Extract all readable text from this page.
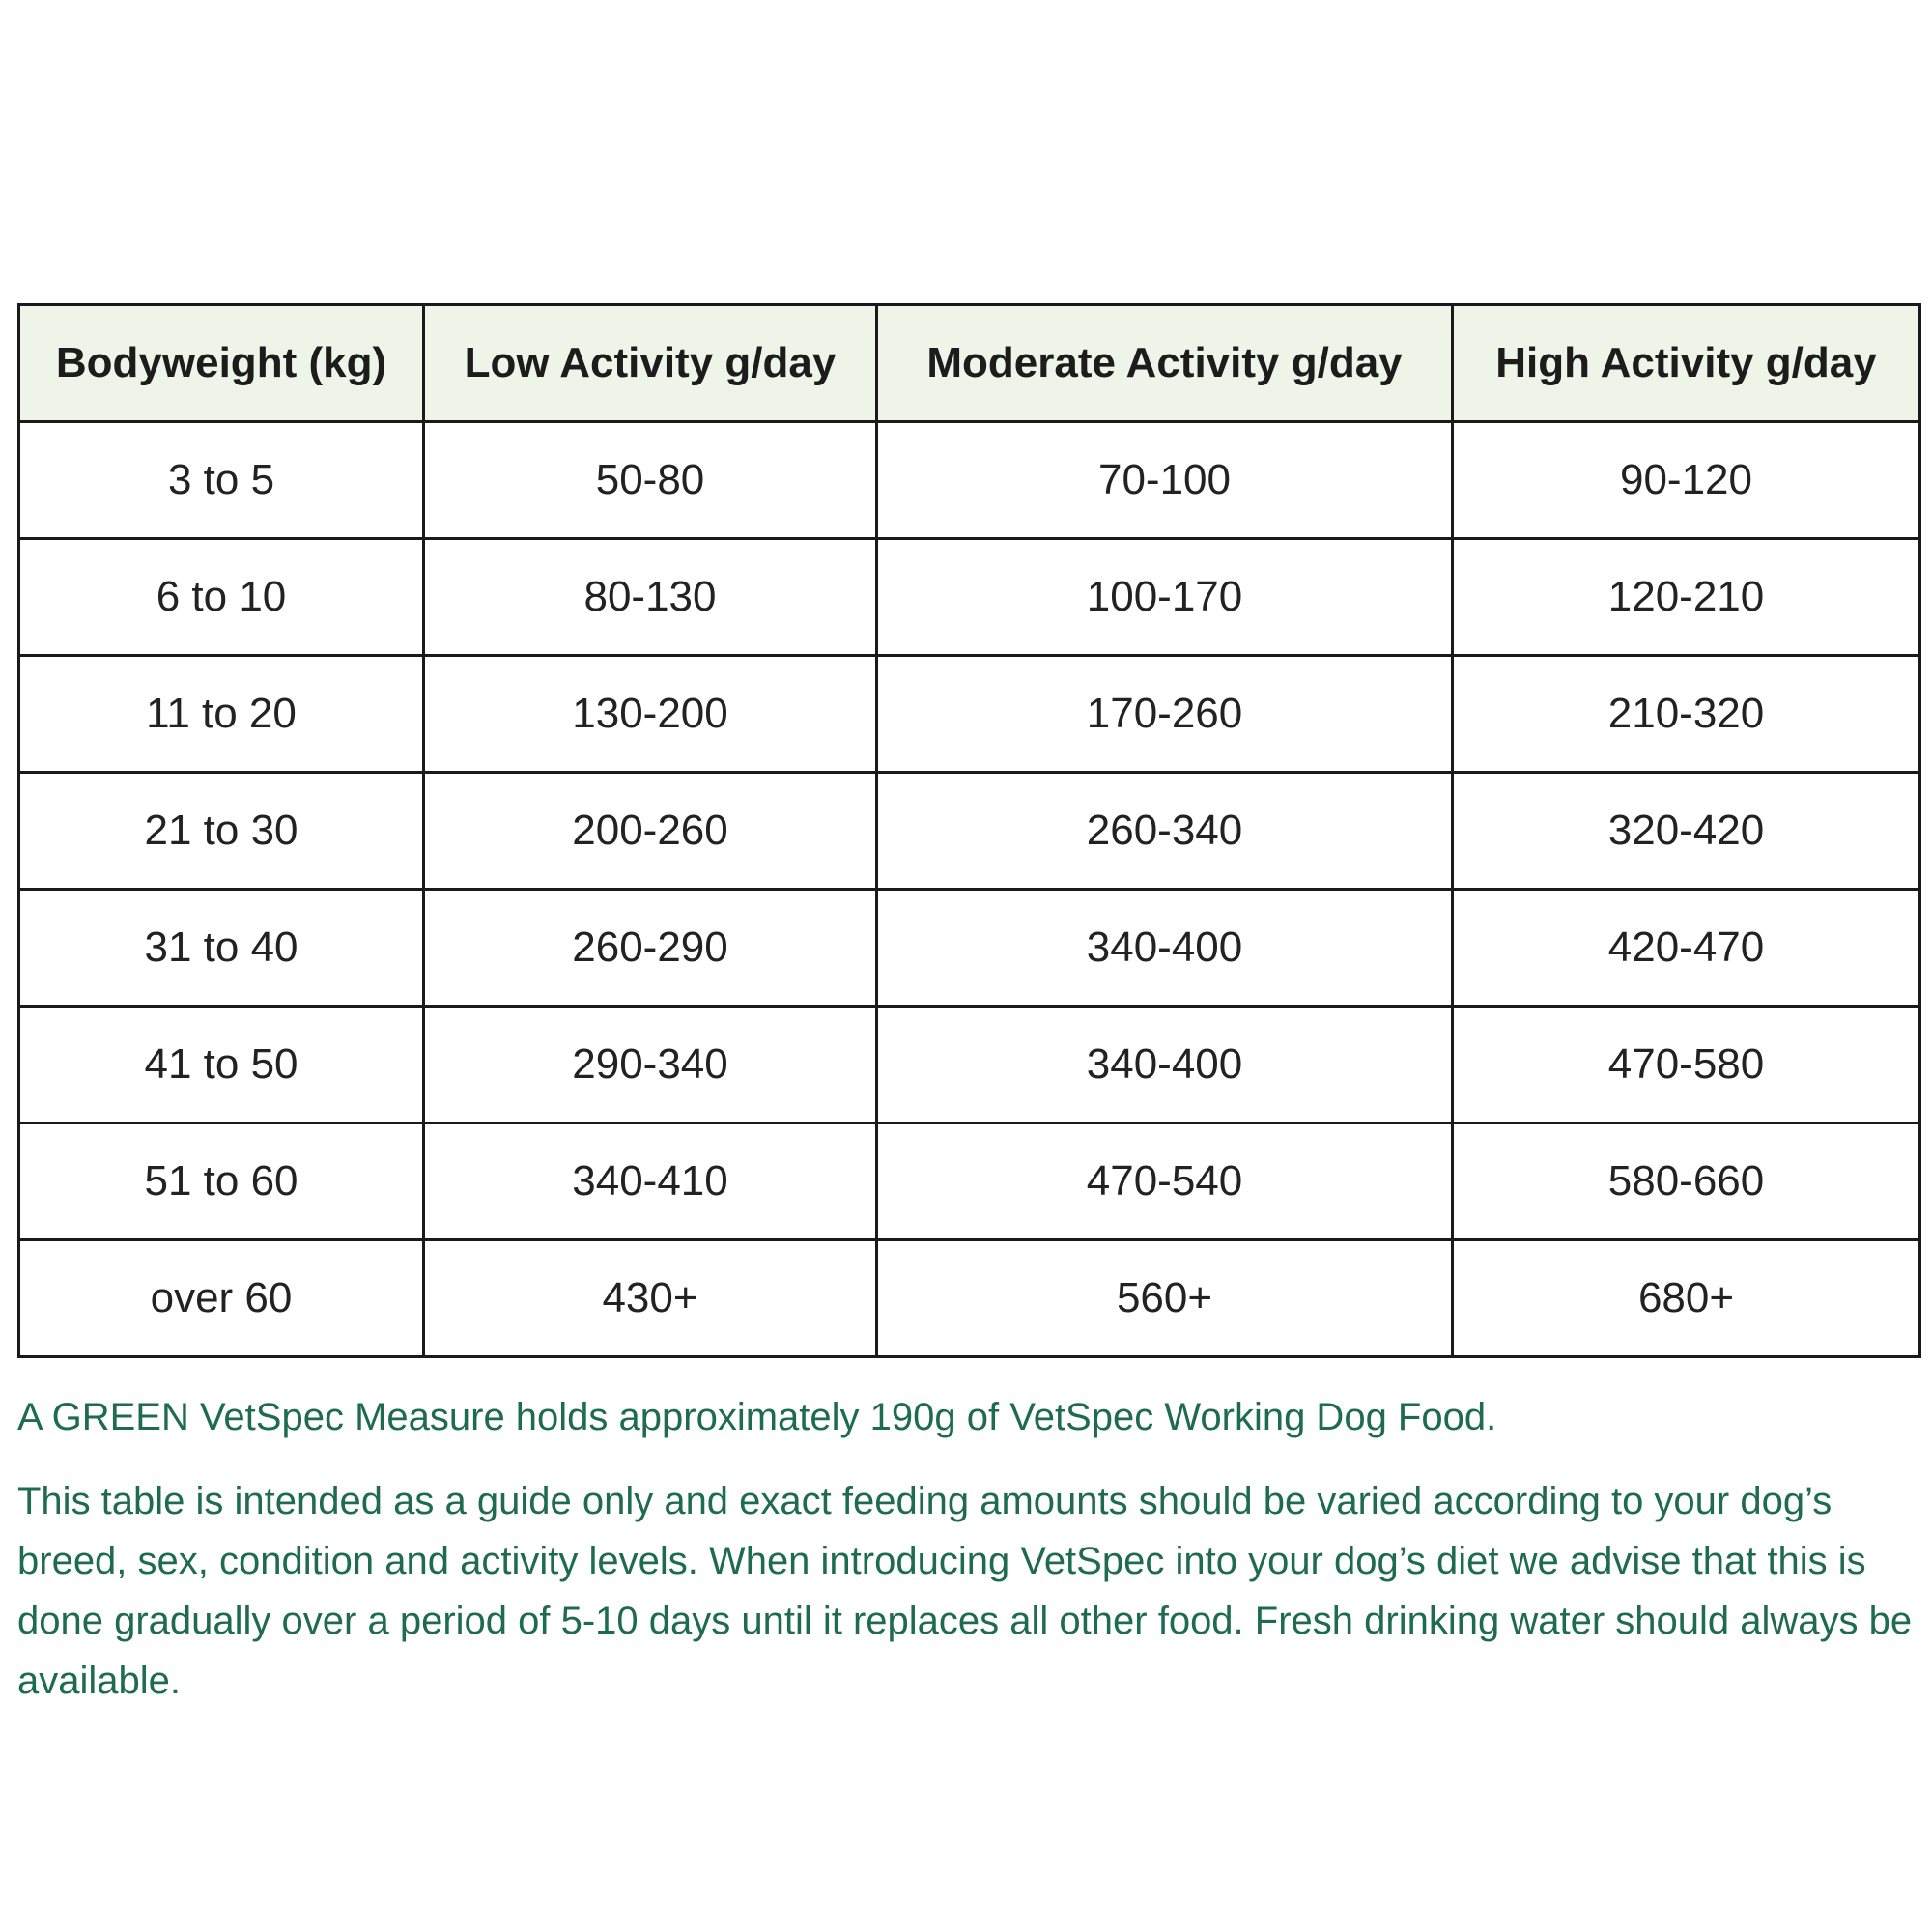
Bodyweight (kg)	Low Activity g/day	Moderate Activity g/day	High Activity g/day
3 to 5	50-80	70-100	90-120
6 to 10	80-130	100-170	120-210
11 to 20	130-200	170-260	210-320
21 to 30	200-260	260-340	320-420
31 to 40	260-290	340-400	420-470
41 to 50	290-340	340-400	470-580
51 to 60	340-410	470-540	580-660
over 60	430+	560+	680+

A GREEN VetSpec Measure holds approximately 190g of VetSpec Working Dog Food.

This table is intended as a guide only and exact feeding amounts should be varied according to your dog’s breed, sex, condition and activity levels. When introducing VetSpec into your dog’s diet we advise that this is done gradually over a period of 5-10 days until it replaces all other food. Fresh drinking water should always be available.
